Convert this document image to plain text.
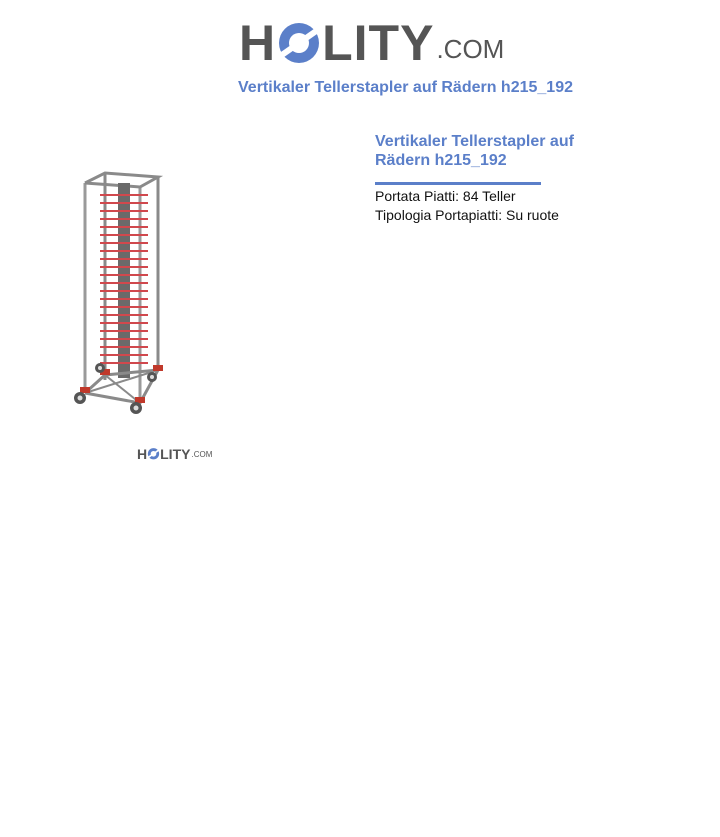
H LITY .COM
Vertikaler Tellerstapler auf Rädern h215_192
H LITY .COM
Vertikaler Tellerstapler auf Rädern h215_192
Portata Piatti: 84 Teller
Tipologia Portapiatti: Su ruote
